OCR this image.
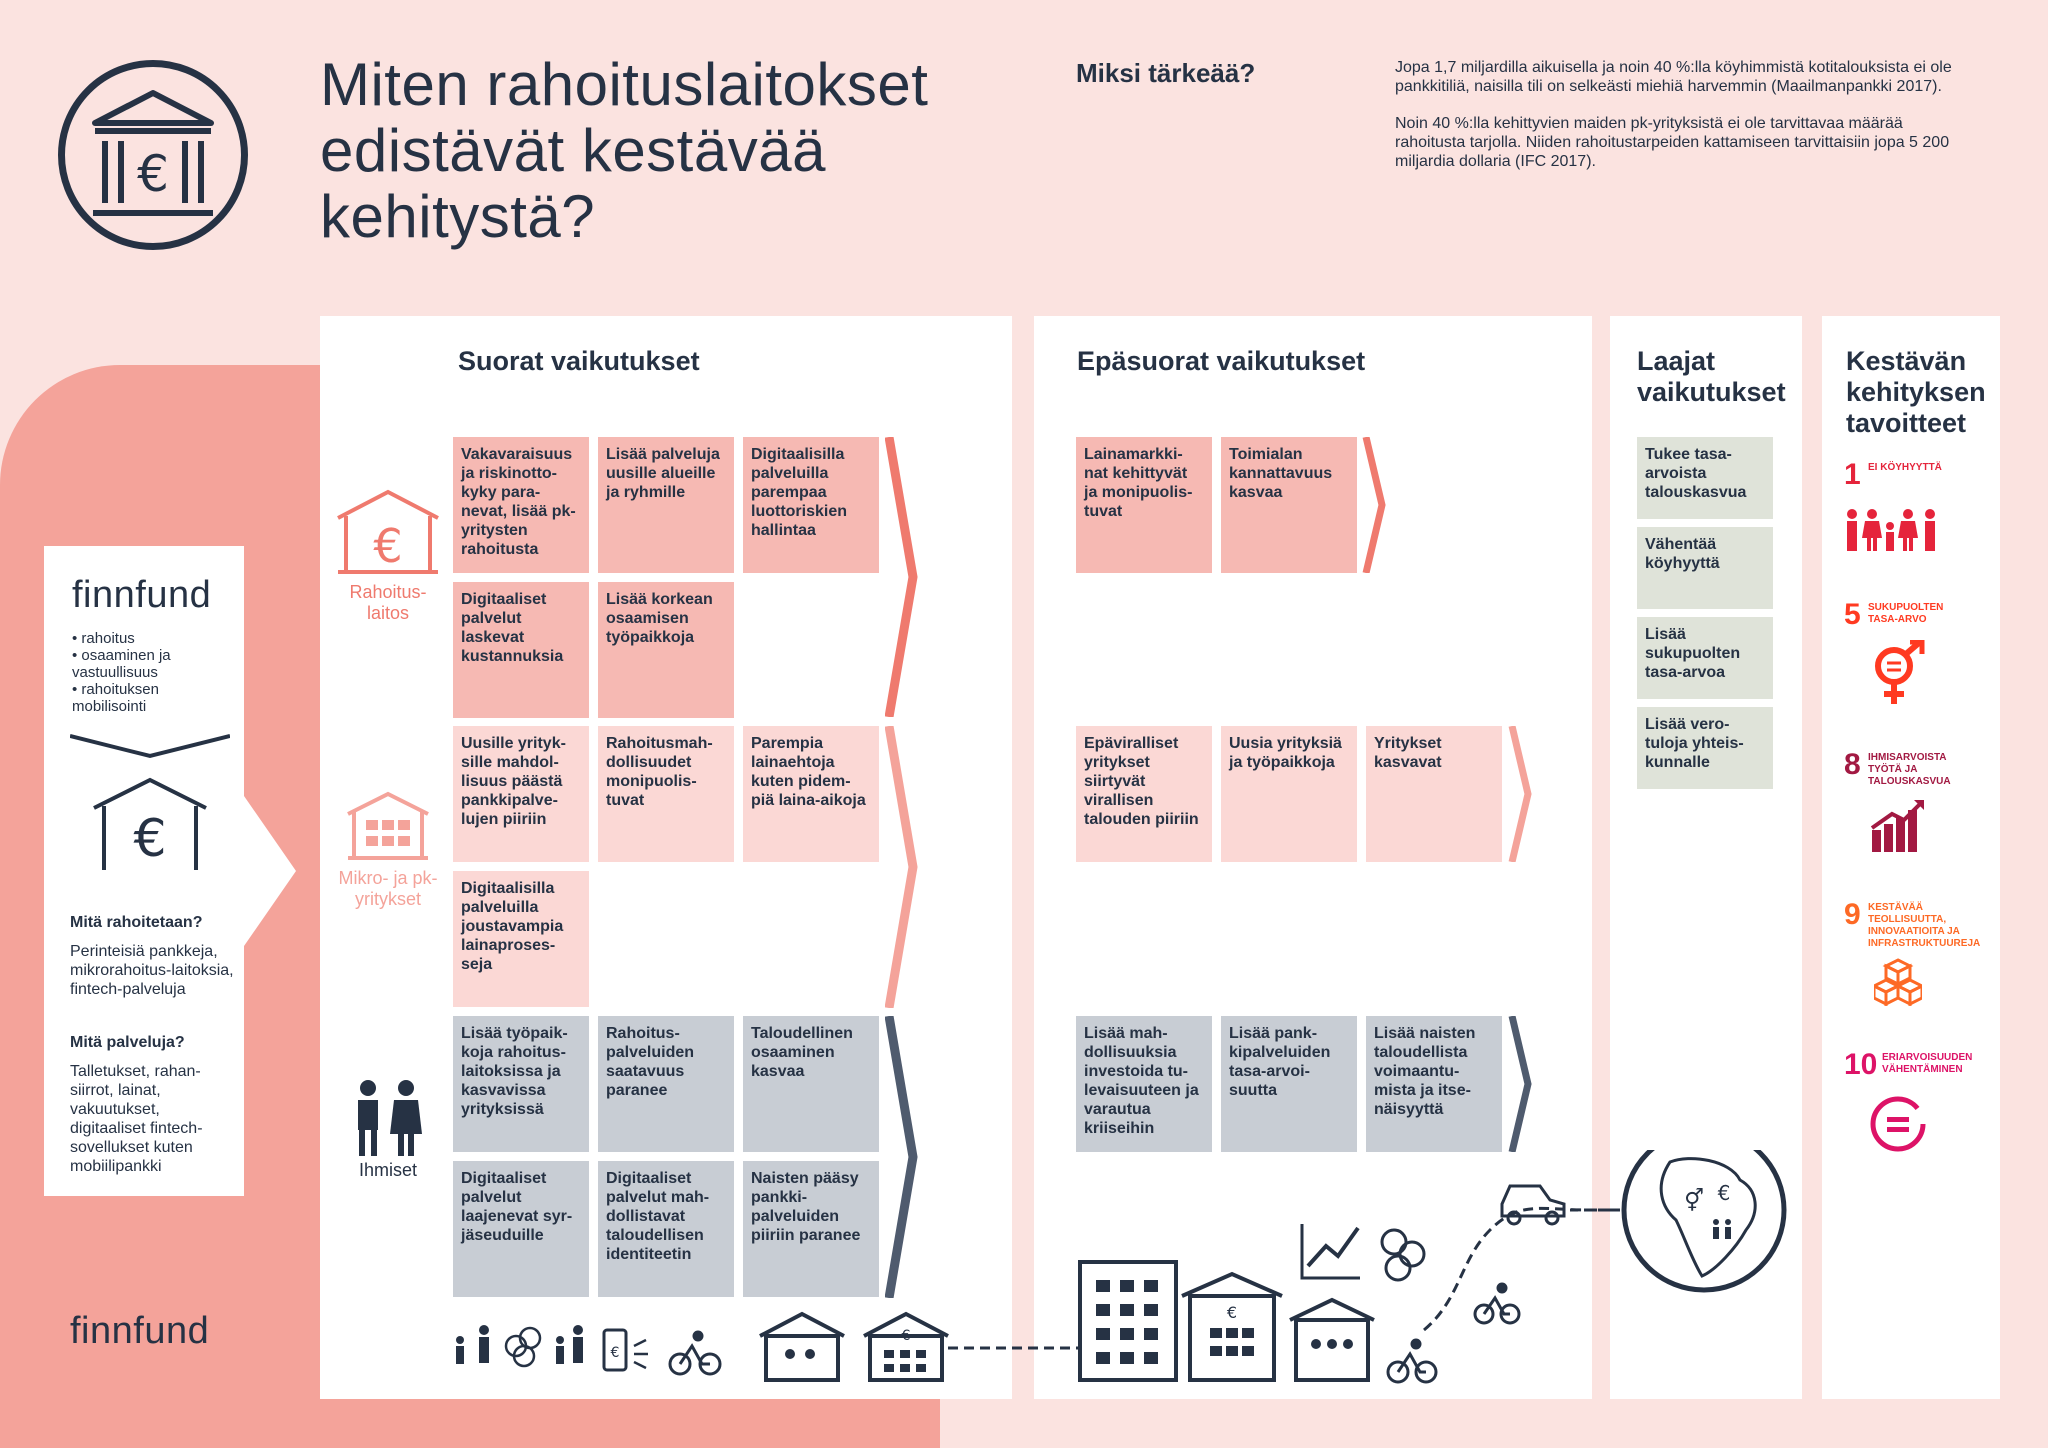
€
Miten rahoituslaitokset edistävät kestävää kehitystä?
Miksi tärkeää?	Jopa 1,7 miljardilla aikuisella ja noin 40 %:lla köyhimmistä kotitalouksista ei ole pankkitiliä, naisilla tili on selkeästi miehiä harvemmin (Maailmanpankki 2017).

Noin 40 %:lla kehittyvien maiden pk-yrityksistä ei ole tarvittavaa määrää rahoitusta tarjolla. Niiden rahoitustarpeiden kattamiseen tarvittaisiin jopa 5 200 miljardia dollaria (IFC 2017).

finnfund
• rahoitus
• osaaminen ja vastuullisuus
• rahoituksen mobilisointi
€
Mitä rahoitetaan?
Perinteisiä pankkeja, mikrorahoitus-laitoksia, fintech-palveluja
Mitä palveluja?
Talletukset, rahan-siirrot, lainat, vakuutukset, digitaaliset fintech-sovellukset kuten mobiilipankki
finnfund
Suorat vaikutukset
€
Rahoitus-laitos
Mikro- ja pk-yritykset
Ihmiset
Vakavaraisuus ja riskinotto-kyky para-nevat, lisää pk-yritysten rahoitusta
Lisää palveluja uusille alueille ja ryhmille
Digitaalisilla palveluilla parempaa luottoriskien hallintaa
Digitaaliset palvelut laskevat kustannuksia
Lisää korkean osaamisen työpaikkoja
Uusille yrityk-sille mahdol-lisuus päästä pankkipalve-lujen piiriin
Rahoitusmah-dollisuudet monipuolis-tuvat
Parempia lainaehtoja kuten pidem-piä laina-aikoja
Digitaalisilla palveluilla joustavampia lainaproses-seja
Lisää työpaik-koja rahoitus-laitoksissa ja kasvavissa yrityksissä
Rahoitus-palveluiden saatavuus paranee
Taloudellinen osaaminen kasvaa
Digitaaliset palvelut laajenevat syr-jäseuduille
Digitaaliset palvelut mah-dollistavat taloudellisen identiteetin
Naisten pääsy pankki-palveluiden piiriin paranee
Epäsuorat vaikutukset
Lainamarkki-nat kehittyvät ja monipuolis-tuvat
Toimialan kannattavuus kasvaa
Epäviralliset yritykset siirtyvät virallisen talouden piiriin
Uusia yrityksiä ja työpaikkoja
Yritykset kasvavat
Lisää mah-dollisuuksia investoida tu-levaisuuteen ja varautua kriiseihin
Lisää pank-kipalveluiden tasa-arvoi-suutta
Lisää naisten taloudellista voimaantu-mista ja itse-näisyyttä
Laajat vaikutukset
Tukee tasa-arvoista talouskasvua
Vähentää köyhyyttä
Lisää sukupuolten tasa-arvoa
Lisää vero-tuloja yhteis-kunnalle
Kestävän kehityksen tavoitteet
1 EI KÖYHYYTTÄ
5 SUKUPUOLTEN TASA-ARVO
8 IHMISARVOISTA TYÖTÄ JA TALOUSKASVUA
9 KESTÄVÄÄ TEOLLISUUTTA, INNOVAATIOITA JA INFRASTRUKTUUREJA
10 ERIARVOISUUDEN VÄHENTÄMINEN
€
€
€
⚥ €
